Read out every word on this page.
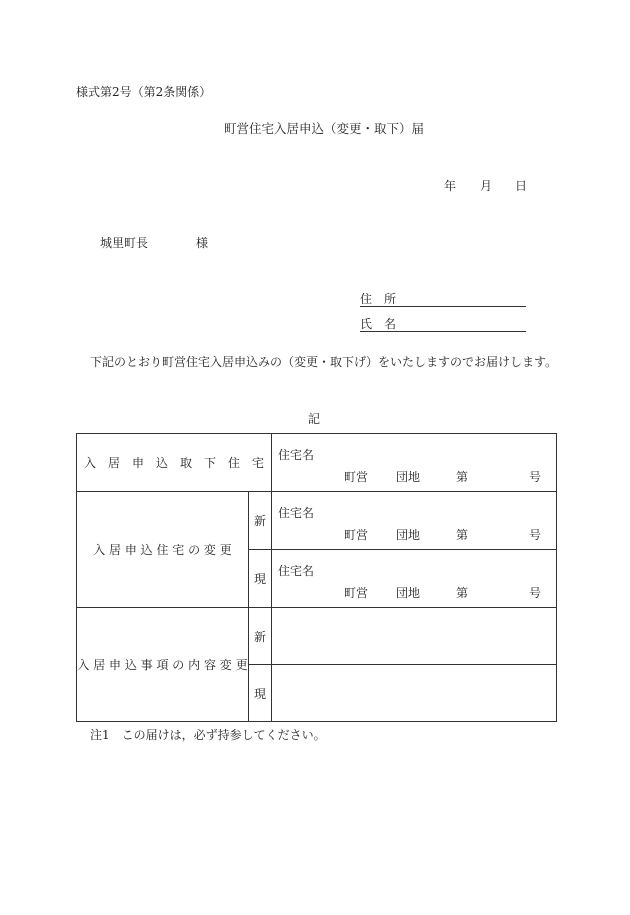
様式第2号（第2条関係）
町営住宅入居申込（変更・取下）届
年 月 日
城里町長	様
住　所
氏　名
下記のとおり町営住宅入居申込みの（変更・取下げ）をいたしますのでお届けします。
記
入　居　申　込　取　下　住　宅		住宅名
町営 団地 第 号

入 居 申 込 住 宅 の 変 更	新	住宅名
町営 団地 第 号

	現	住宅名
町営 団地 第 号

入 居 申 込 事 項 の 内 容 変 更	新	
	現	
注1　この届けは，必ず持参してください。
